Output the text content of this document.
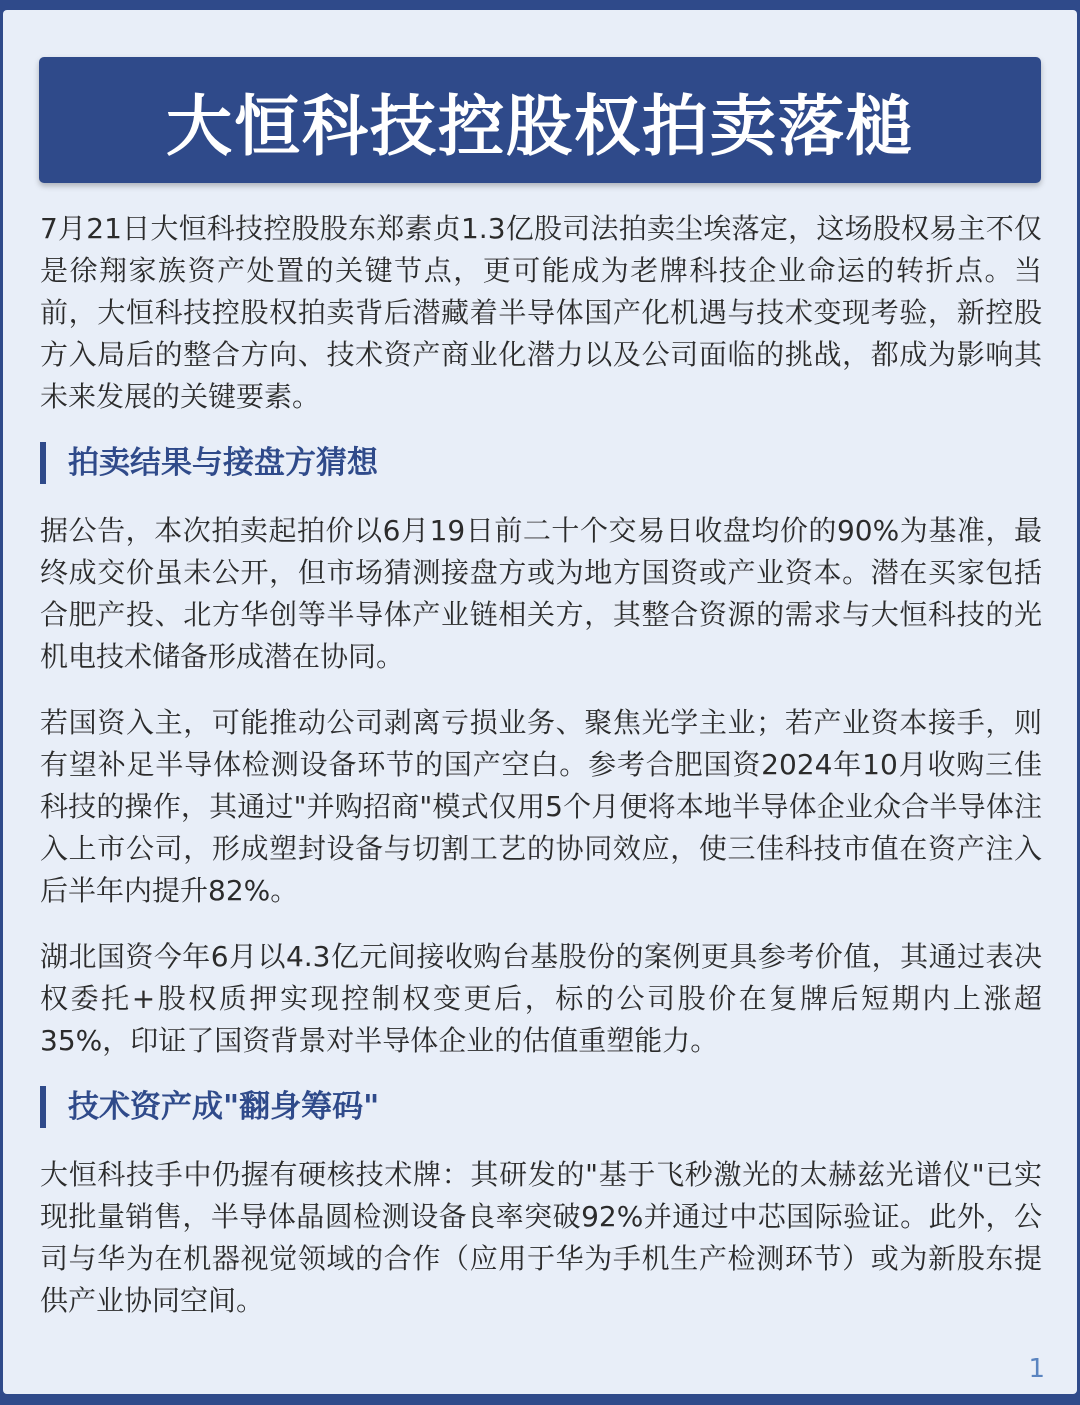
大恒科技控股权拍卖落槌

7月21日大恒科技控股股东郑素贞1.3亿股司法拍卖尘埃落定，这场股权易主不仅是徐翔家族资产处置的关键节点，更可能成为老牌科技企业命运的转折点。当前，大恒科技控股权拍卖背后潜藏着半导体国产化机遇与技术变现考验，新控股方入局后的整合方向、技术资产商业化潜力以及公司面临的挑战，都成为影响其未来发展的关键要素。

拍卖结果与接盘方猜想

据公告，本次拍卖起拍价以6月19日前二十个交易日收盘均价的90%为基准，最终成交价虽未公开，但市场猜测接盘方或为地方国资或产业资本。潜在买家包括合肥产投、北方华创等半导体产业链相关方，其整合资源的需求与大恒科技的光机电技术储备形成潜在协同。

若国资入主，可能推动公司剥离亏损业务、聚焦光学主业；若产业资本接手，则有望补足半导体检测设备环节的国产空白。参考合肥国资2024年10月收购三佳科技的操作，其通过"并购招商"模式仅用5个月便将本地半导体企业众合半导体注入上市公司，形成塑封设备与切割工艺的协同效应，使三佳科技市值在资产注入后半年内提升82%。

湖北国资今年6月以4.3亿元间接收购台基股份的案例更具参考价值，其通过表决权委托+股权质押实现控制权变更后，标的公司股价在复牌后短期内上涨超35%，印证了国资背景对半导体企业的估值重塑能力。

技术资产成"翻身筹码"

大恒科技手中仍握有硬核技术牌：其研发的"基于飞秒激光的太赫兹光谱仪"已实现批量销售，半导体晶圆检测设备良率突破92%并通过中芯国际验证。此外，公司与华为在机器视觉领域的合作（应用于华为手机生产检测环节）或为新股东提供产业协同空间。

1
